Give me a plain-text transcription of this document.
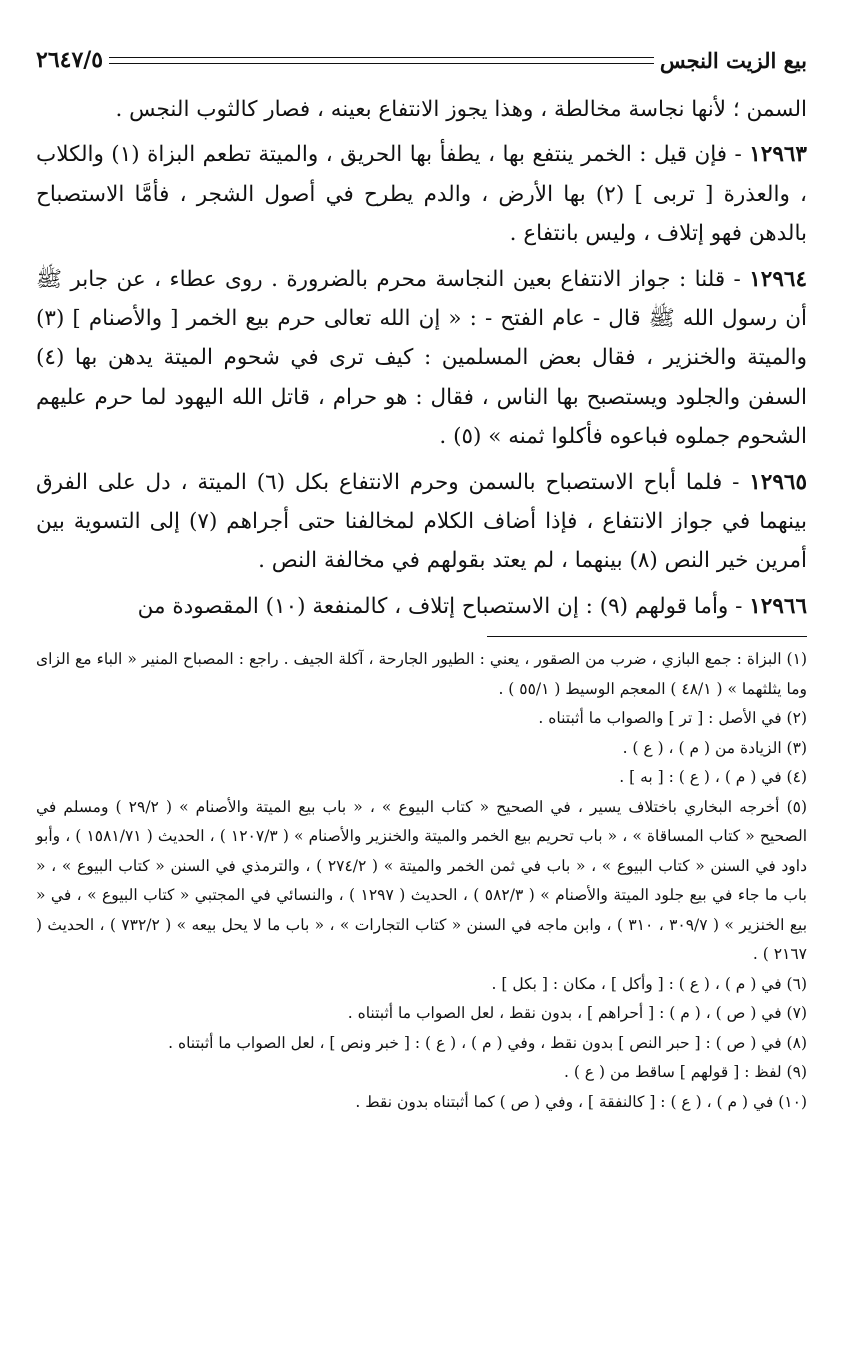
بيع الزيت النجس
٢٦٤٧/٥

السمن ؛ لأنها نجاسة مخالطة ، وهذا يجوز الانتفاع بعينه ، فصار كالثوب النجس .

١٢٩٦٣ - فإن قيل : الخمر ينتفع بها ، يطفأ بها الحريق ، والميتة تطعم البزاة (١) والكلاب ، والعذرة [ تربى ] (٢) بها الأرض ، والدم يطرح في أصول الشجر ، فأمَّا الاستصباح بالدهن فهو إتلاف ، وليس بانتفاع .

١٢٩٦٤ - قلنا : جواز الانتفاع بعين النجاسة محرم بالضرورة . روى عطاء ، عن جابر ﷺ أن رسول الله ﷺ قال - عام الفتح - : « إن الله تعالى حرم بيع الخمر [ والأصنام ] (٣) والميتة والخنزير ، فقال بعض المسلمين : كيف ترى في شحوم الميتة يدهن بها (٤) السفن والجلود ويستصبح بها الناس ، فقال : هو حرام ، قاتل الله اليهود لما حرم عليهم الشحوم جملوه فباعوه فأكلوا ثمنه » (٥) .

١٢٩٦٥ - فلما أباح الاستصباح بالسمن وحرم الانتفاع بكل (٦) الميتة ، دل على الفرق بينهما في جواز الانتفاع ، فإذا أضاف الكلام لمخالفنا حتى أجراهم (٧) إلى التسوية بين أمرين خير النص (٨) بينهما ، لم يعتد بقولهم في مخالفة النص .

١٢٩٦٦ - وأما قولهم (٩) : إن الاستصباح إتلاف ، كالمنفعة (١٠) المقصودة من

(١) البزاة : جمع البازي ، ضرب من الصقور ، يعني : الطيور الجارحة ، آكلة الجيف . راجع : المصباح المنير « الباء مع الزاى وما يثلثهما » ( ٤٨/١ ) المعجم الوسيط ( ٥٥/١ ) .

(٢) في الأصل : [ تر ] والصواب ما أثبتناه .

(٣) الزيادة من ( م ) ، ( ع ) .

(٤) في ( م ) ، ( ع ) : [ به ] .

(٥) أخرجه البخاري باختلاف يسير ، في الصحيح « كتاب البيوع » ، « باب بيع الميتة والأصنام » ( ٢٩/٢ ) ومسلم في الصحيح « كتاب المساقاة » ، « باب تحريم بيع الخمر والميتة والخنزير والأصنام » ( ١٢٠٧/٣ ) ، الحديث ( ١٥٨١/٧١ ) ، وأبو داود في السنن « كتاب البيوع » ، « باب في ثمن الخمر والميتة » ( ٢٧٤/٢ ) ، والترمذي في السنن « كتاب البيوع » ، « باب ما جاء في بيع جلود الميتة والأصنام » ( ٥٨٢/٣ ) ، الحديث ( ١٢٩٧ ) ، والنسائي في المجتبي « كتاب البيوع » ، في « بيع الخنزير » ( ٣٠٩/٧ ، ٣١٠ ) ، وابن ماجه في السنن « كتاب التجارات » ، « باب ما لا يحل بيعه » ( ٧٣٢/٢ ) ، الحديث ( ٢١٦٧ ) .

(٦) في ( م ) ، ( ع ) : [ وأكل ] ، مكان : [ بكل ] .

(٧) في ( ص ) ، ( م ) : [ أحراهم ] ، بدون نقط ، لعل الصواب ما أثبتناه .

(٨) في ( ص ) : [ حبر النص ] بدون نقط ، وفي ( م ) ، ( ع ) : [ خبر ونص ] ، لعل الصواب ما أثبتناه .

(٩) لفظ : [ قولهم ] ساقط من ( ع ) .

(١٠) في ( م ) ، ( ع ) : [ كالنفقة ] ، وفي ( ص ) كما أثبتناه بدون نقط .
